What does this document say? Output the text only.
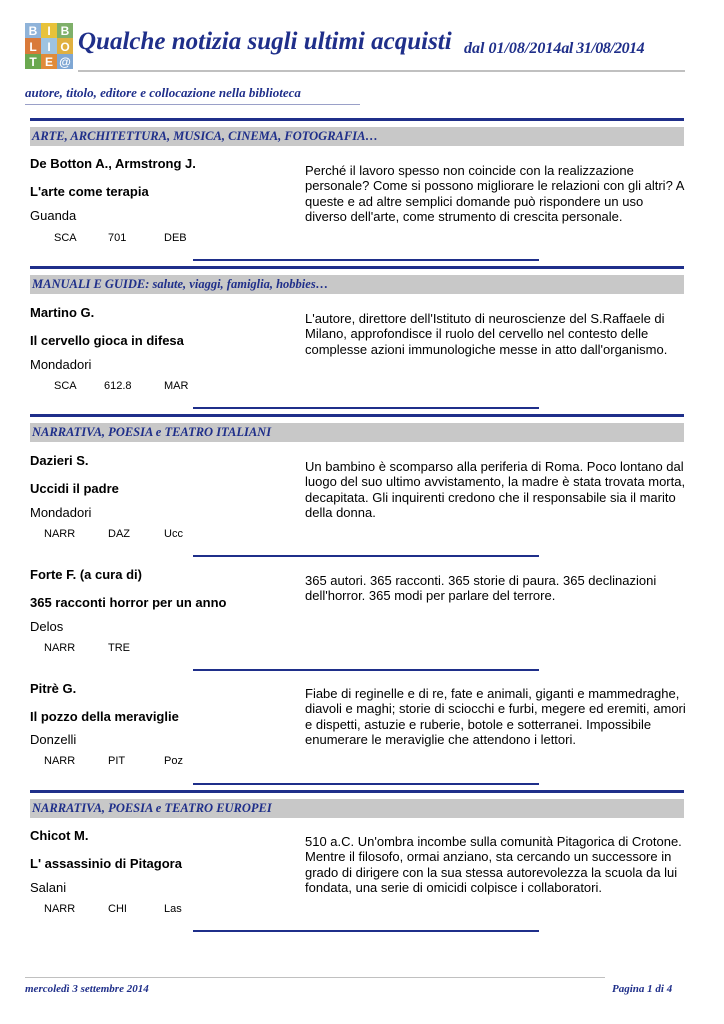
B I B
L I O
T E @
Qualche notizia sugli ultimi acquisti dal 01/08/2014al 31/08/2014
autore, titolo, editore e collocazione nella biblioteca
ARTE, ARCHITETTURA, MUSICA, CINEMA, FOTOGRAFIA…
De Botton A., Armstrong J.
L'arte come terapia
Guanda
SCA	701	DEB
Perché il lavoro spesso non coincide con la realizzazione personale? Come si possono migliorare le relazioni con gli altri? A queste e ad altre semplici domande può rispondere un uso diverso dell'arte, come strumento di crescita personale.
MANUALI E GUIDE: salute, viaggi, famiglia, hobbies…
Martino G.
Il cervello gioca in difesa
Mondadori
SCA 612.8	MAR
L'autore, direttore dell'Istituto di neuroscienze del S.Raffaele di Milano, approfondisce il ruolo del cervello nel contesto delle complesse azioni immunologiche messe in atto dall'organismo.
NARRATIVA, POESIA e TEATRO ITALIANI
Dazieri S.
Uccidi il padre
Mondadori
NARR	DAZ	Ucc
Un bambino è scomparso alla periferia di Roma. Poco lontano dal luogo del suo ultimo avvistamento, la madre è stata trovata morta, decapitata. Gli inquirenti credono che il responsabile sia il marito della donna.
Forte F. (a cura di)
365 racconti horror per un anno
Delos
NARR	TRE
365 autori. 365 racconti. 365 storie di paura. 365 declinazioni dell'horror. 365 modi per parlare del terrore.
Pitrè G.
Il pozzo della meraviglie
Donzelli
NARR	PIT	Poz
Fiabe di reginelle e di re, fate e animali, giganti e mammedraghe, diavoli e maghi; storie di sciocchi e furbi, megere ed eremiti, amori e dispetti, astuzie e ruberie, botole e sotterranei. Impossibile enumerare le meraviglie che attendono i lettori.
NARRATIVA, POESIA e TEATRO EUROPEI
Chicot M.
L' assassinio di Pitagora
Salani
NARR	CHI	Las
510 a.C. Un'ombra incombe sulla comunità Pitagorica di Crotone. Mentre il filosofo, ormai anziano, sta cercando un successore in grado di dirigere con la sua stessa autorevolezza la scuola da lui fondata, una serie di omicidi colpisce i collaboratori.
mercoledì 3 settembre 2014	Pagina 1 di 4
